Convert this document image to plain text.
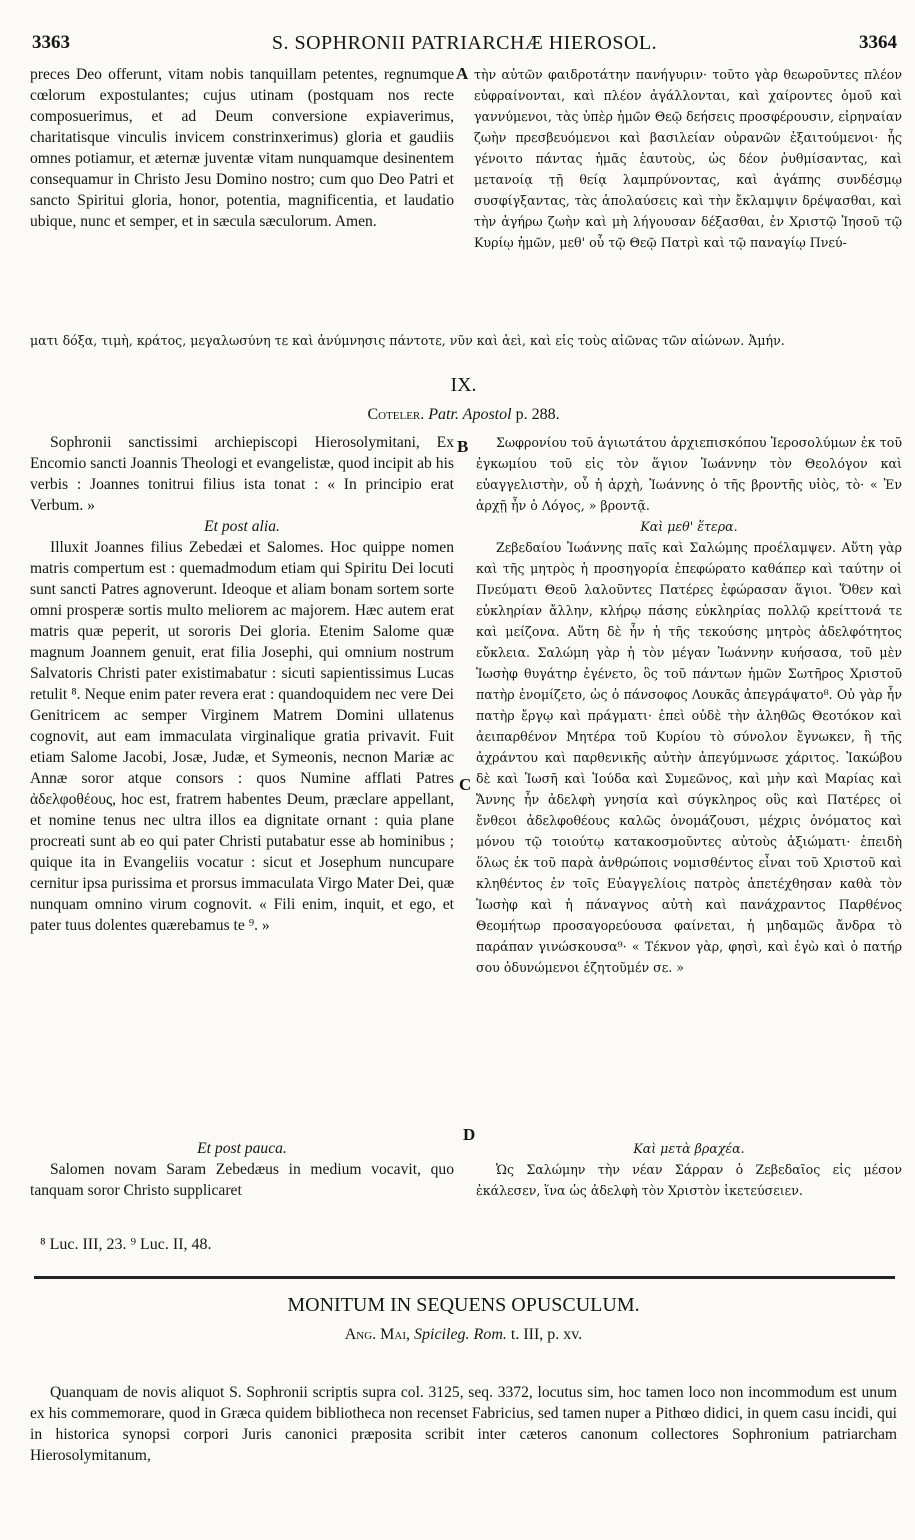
3363	S. SOPHRONII PATRIARCHÆ HIEROSOL.	3364

preces Deo offerunt, vitam nobis tanquillam petentes, regnumque cœlorum expostulantes; cujus utinam (postquam nos recte composuerimus, et ad Deum conversione expiaverimus, charitatisque vinculis invicem constrinxerimus) gloria et gaudiis omnes potiamur, et æternæ juventæ vitam nunquamque desinentem consequamur in Christo Jesu Domino nostro; cum quo Deo Patri et sancto Spiritui gloria, honor, potentia, magnificentia, et laudatio ubique, nunc et semper, et in sæcula sæculorum. Amen.

A τὴν αὐτῶν φαιδροτάτην πανήγυριν· τοῦτο γὰρ θεωροῦντες πλέον εὐφραίνονται, καὶ πλέον ἀγάλλονται, καὶ χαίροντες ὁμοῦ καὶ γαννύμενοι, τὰς ὑπὲρ ἡμῶν Θεῷ δεήσεις προσφέρουσιν, εἰρηναίαν ζωὴν πρεσβευόμενοι καὶ βασιλείαν οὐρανῶν ἐξαιτούμενοι· ἧς γένοιτο πάντας ἡμᾶς ἑαυτοὺς, ὡς δέον ῥυθμίσαντας, καὶ μετανοίᾳ τῇ θείᾳ λαμπρύνοντας, καὶ ἀγάπης συνδέσμῳ συσφίγξαντας, τὰς ἀπολαύσεις καὶ τὴν ἔκλαμψιν δρέψασθαι, καὶ τὴν ἀγήρω ζωὴν καὶ μὴ λήγουσαν δέξασθαι, ἐν Χριστῷ Ἰησοῦ τῷ Κυρίῳ ἡμῶν, μεθ' οὗ τῷ Θεῷ Πατρὶ καὶ τῷ παναγίῳ Πνεύ-

ματι δόξα, τιμὴ, κράτος, μεγαλωσύνη τε καὶ ἀνύμνησις πάντοτε, νῦν καὶ ἀεὶ, καὶ εἰς τοὺς αἰῶνας τῶν αἰώνων. Ἀμήν.

IX.
Coteler. Patr. Apostol p. 288.

Sophronii sanctissimi archiepiscopi Hierosolymitani, Ex Encomio sancti Joannis Theologi et evangelistæ, quod incipit ab his verbis : Joannes tonitrui filius ista tonat : « In principio erat Verbum. »

Et post alia.

Illuxit Joannes filius Zebedæi et Salomes. Hoc quippe nomen matris compertum est : quemadmodum etiam qui Spiritu Dei locuti sunt sancti Patres agnoverunt. Ideoque et aliam bonam sortem sorte omni prosperæ sortis multo meliorem ac majorem. Hæc autem erat matris quæ peperit, ut sororis Dei gloria. Etenim Salome quæ magnum Joannem genuit, erat filia Josephi, qui omnium nostrum Salvatoris Christi pater existimabatur : sicuti sapientissimus Lucas retulit ⁸. Neque enim pater revera erat : quandoquidem nec vere Dei Genitricem ac semper Virginem Matrem Domini ullatenus cognovit, aut eam immaculata virginalique gratia privavit. Fuit etiam Salome Jacobi, Josæ, Judæ, et Symeonis, necnon Mariæ ac Annæ soror atque consors : quos Numine afflati Patres ἀδελφοθέους, hoc est, fratrem habentes Deum, præclare appellant, et nomine tenus nec ultra illos ea dignitate ornant : quia plane procreati sunt ab eo qui pater Christi putabatur esse ab hominibus ; quique ita in Evangeliis vocatur : sicut et Josephum nuncupare cernitur ipsa purissima et prorsus immaculata Virgo Mater Dei, quæ nunquam omnino virum cognovit. « Fili enim, inquit, et ego, et pater tuus dolentes quærebamus te ⁹. »

Et post pauca.

Salomen novam Saram Zebedæus in medium vocavit, quo tanquam soror Christo supplicaret

B
C
D

Σωφρονίου τοῦ ἁγιωτάτου ἀρχιεπισκόπου Ἱεροσολύμων ἐκ τοῦ ἐγκωμίου τοῦ εἰς τὸν ἅγιον Ἰωάννην τὸν Θεολόγον καὶ εὐαγγελιστὴν, οὗ ἡ ἀρχὴ, Ἰωάννης ὁ τῆς βροντῆς υἱὸς, τὸ· « Ἐν ἀρχῇ ἦν ὁ Λόγος, » βροντᾷ.

Καὶ μεθ' ἕτερα.

Ζεβεδαίου Ἰωάννης παῖς καὶ Σαλώμης προέλαμψεν. Αὕτη γὰρ καὶ τῆς μητρὸς ἡ προσηγορία ἐπεφώρατο καθάπερ καὶ ταύτην οἱ Πνεύματι Θεοῦ λαλοῦντες Πατέρες ἐφώρασαν ἅγιοι. Ὅθεν καὶ εὐκληρίαν ἄλλην, κλήρῳ πάσης εὐκληρίας πολλῷ κρείττονά τε καὶ μείζονα. Αὕτη δὲ ἦν ἡ τῆς τεκούσης μητρὸς ἀδελφότητος εὔκλεια. Σαλώμη γὰρ ἡ τὸν μέγαν Ἰωάννην κυήσασα, τοῦ μὲν Ἰωσὴφ θυγάτηρ ἐγένετο, ὃς τοῦ πάντων ἡμῶν Σωτῆρος Χριστοῦ πατὴρ ἐνομίζετο, ὡς ὁ πάνσοφος Λουκᾶς ἀπεγράψατο⁸. Οὐ γὰρ ἦν πατὴρ ἔργῳ καὶ πράγματι· ἐπεὶ οὐδὲ τὴν ἀληθῶς Θεοτόκον καὶ ἀειπαρθένον Μητέρα τοῦ Κυρίου τὸ σύνολον ἔγνωκεν, ἢ τῆς ἀχράντου καὶ παρθενικῆς αὐτὴν ἀπεγύμνωσε χάριτος. Ἰακώβου δὲ καὶ Ἰωσῆ καὶ Ἰούδα καὶ Συμεῶνος, καὶ μὴν καὶ Μαρίας καὶ Ἄννης ἦν ἀδελφὴ γνησία καὶ σύγκληρος οὓς καὶ Πατέρες οἱ ἔνθεοι ἀδελφοθέους καλῶς ὀνομάζουσι, μέχρις ὀνόματος καὶ μόνου τῷ τοιούτῳ κατακοσμοῦντες αὐτοὺς ἀξιώματι· ἐπειδὴ ὅλως ἐκ τοῦ παρὰ ἀνθρώποις νομισθέντος εἶναι τοῦ Χριστοῦ καὶ κληθέντος ἐν τοῖς Εὐαγγελίοις πατρὸς ἀπετέχθησαν καθὰ τὸν Ἰωσὴφ καὶ ἡ πάναγνος αὐτὴ καὶ πανάχραντος Παρθένος Θεομήτωρ προσαγορεύουσα φαίνεται, ἡ μηδαμῶς ἄνδρα τὸ παράπαν γινώσκουσα⁹· « Τέκνον γὰρ, φησὶ, καὶ ἐγὼ καὶ ὁ πατήρ σου ὀδυνώμενοι ἐζητοῦμέν σε. »

Καὶ μετὰ βραχέα.

Ὡς Σαλώμην τὴν νέαν Σάρραν ὁ Ζεβεδαῖος εἰς μέσον ἐκάλεσεν, ἵνα ὡς ἀδελφὴ τὸν Χριστὸν ἱκετεύσειεν.

⁸ Luc. III, 23. ⁹ Luc. II, 48.
MONITUM IN SEQUENS OPUSCULUM.
Ang. Mai, Spicileg. Rom. t. III, p. xv.

Quanquam de novis aliquot S. Sophronii scriptis supra col. 3125, seq. 3372, locutus sim, hoc tamen loco non incommodum est unum ex his commemorare, quod in Græca quidem bibliotheca non recenset Fabricius, sed tamen nuper a Pithœo didici, in quem casu incidi, qui in historica synopsi corpori Juris canonici præposita scribit inter cæteros canonum collectores Sophronium patriarcham Hierosolymitanum,
